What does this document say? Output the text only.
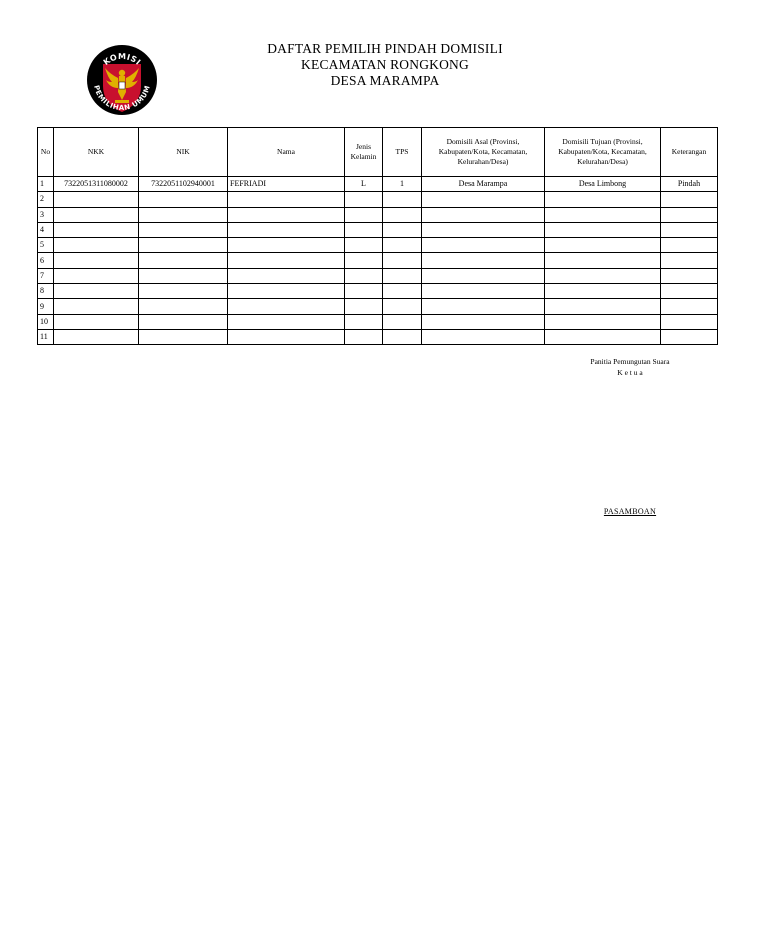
KOMISI
PEMILIHAN UMUM
DAFTAR PEMILIH PINDAH DOMISILI
KECAMATAN RONGKONG
DESA MARAMPA
No	NKK	NIK	Nama	Jenis Kelamin	TPS	Domisili Asal (Provinsi, Kabupaten/Kota, Kecamatan, Kelurahan/Desa)	Domisili Tujuan (Provinsi, Kabupaten/Kota, Kecamatan, Kelurahan/Desa)	Keterangan
1	7322051311080002	7322051102940001	FEFRIADI	L	1	Desa Marampa	Desa Limbong	Pindah
2								
3								
4								
5								
6								
7								
8								
9								
10								
11								
Panitia Pemungutan Suara
K e t u a
PASAMBOAN
